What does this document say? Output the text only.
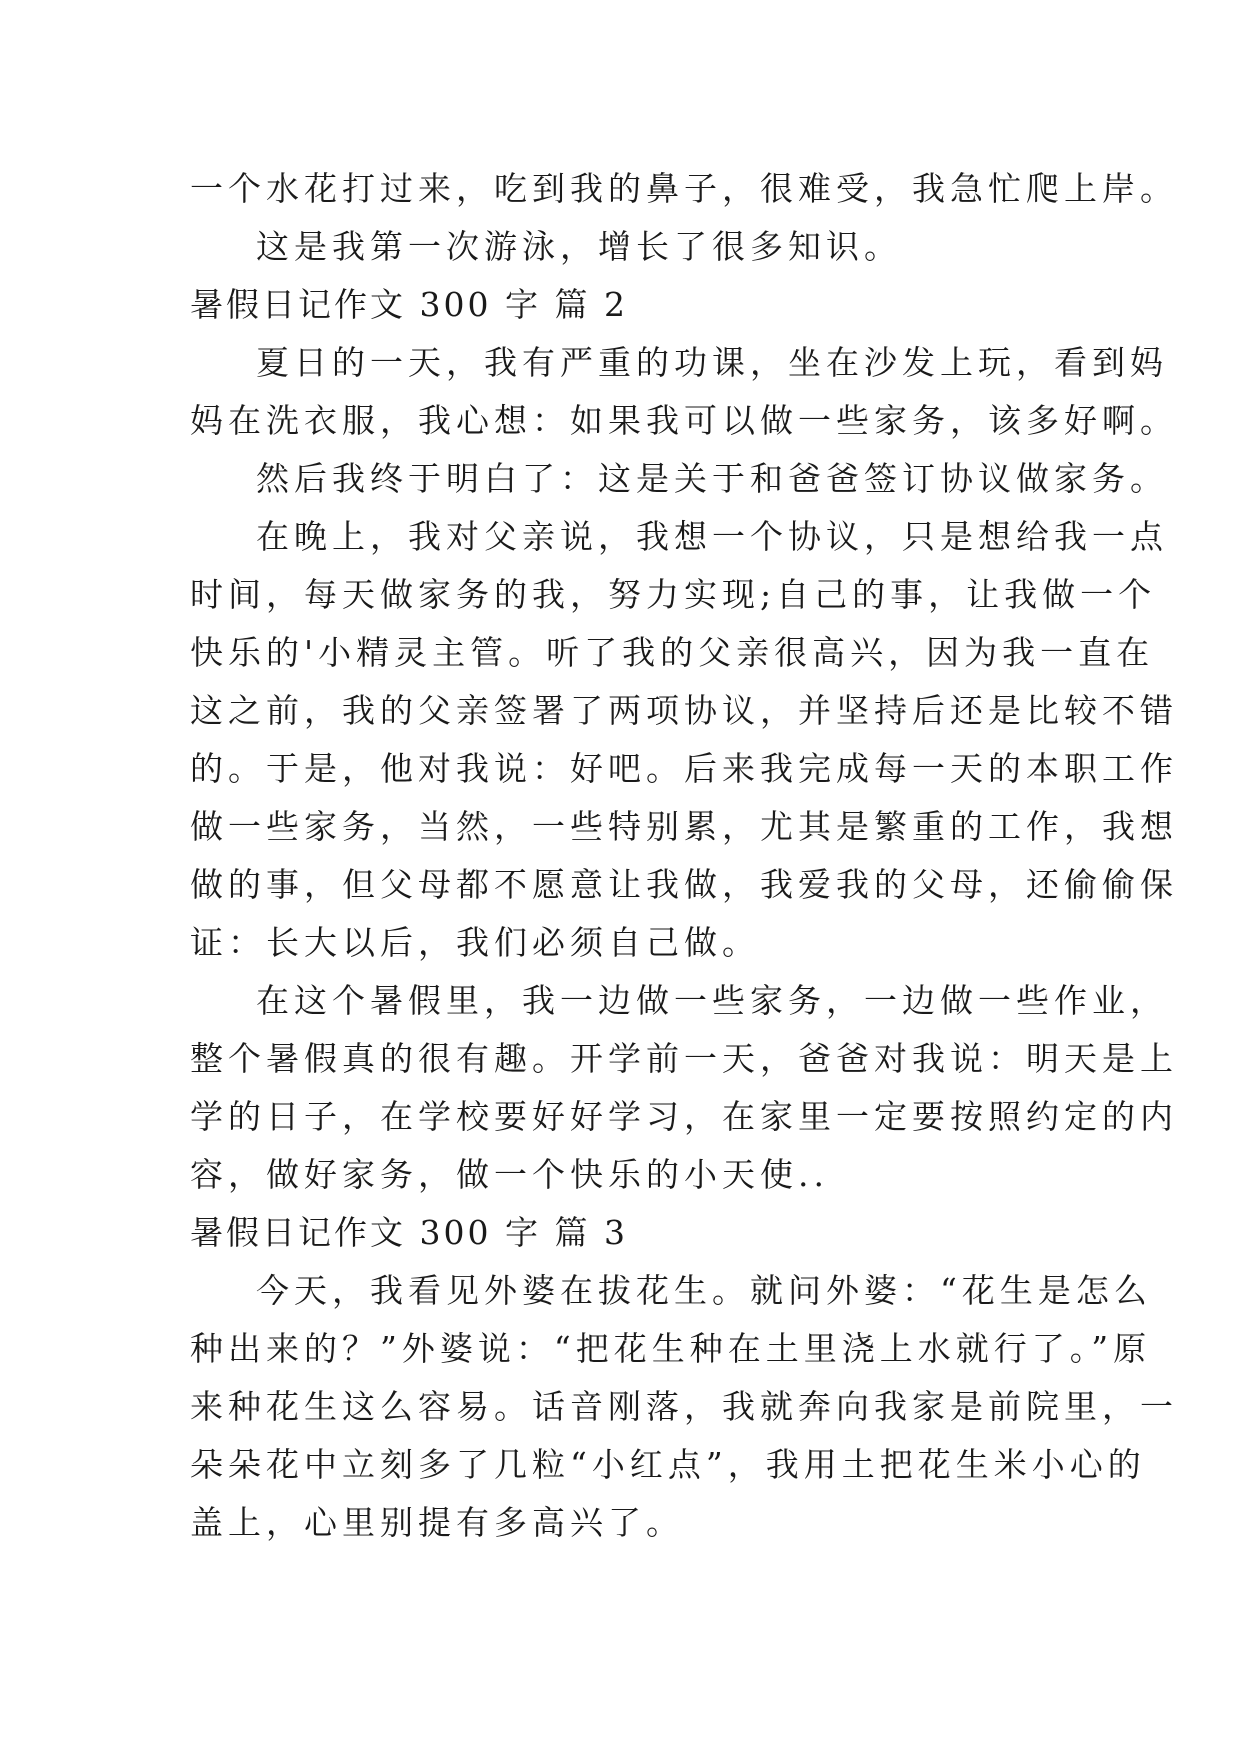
一个水花打过来，吃到我的鼻子，很难受，我急忙爬上岸。
这是我第一次游泳，增长了很多知识。
暑假日记作文 300 字 篇 2
夏日的一天，我有严重的功课，坐在沙发上玩，看到妈
妈在洗衣服，我心想：如果我可以做一些家务，该多好啊。
然后我终于明白了：这是关于和爸爸签订协议做家务。
在晚上，我对父亲说，我想一个协议，只是想给我一点
时间，每天做家务的我，努力实现;自己的事，让我做一个
快乐的'小精灵主管。听了我的父亲很高兴，因为我一直在
这之前，我的父亲签署了两项协议，并坚持后还是比较不错
的。于是，他对我说：好吧。后来我完成每一天的本职工作
做一些家务，当然，一些特别累，尤其是繁重的工作，我想
做的事，但父母都不愿意让我做，我爱我的父母，还偷偷保
证：长大以后，我们必须自己做。
在这个暑假里，我一边做一些家务，一边做一些作业，
整个暑假真的很有趣。开学前一天，爸爸对我说：明天是上
学的日子，在学校要好好学习，在家里一定要按照约定的内
容，做好家务，做一个快乐的小天使..
暑假日记作文 300 字 篇 3
今天，我看见外婆在拔花生。就问外婆：“花生是怎么
种出来的？”外婆说：“把花生种在土里浇上水就行了。”原
来种花生这么容易。话音刚落，我就奔向我家是前院里，一
朵朵花中立刻多了几粒“小红点”，我用土把花生米小心的
盖上，心里别提有多高兴了。
